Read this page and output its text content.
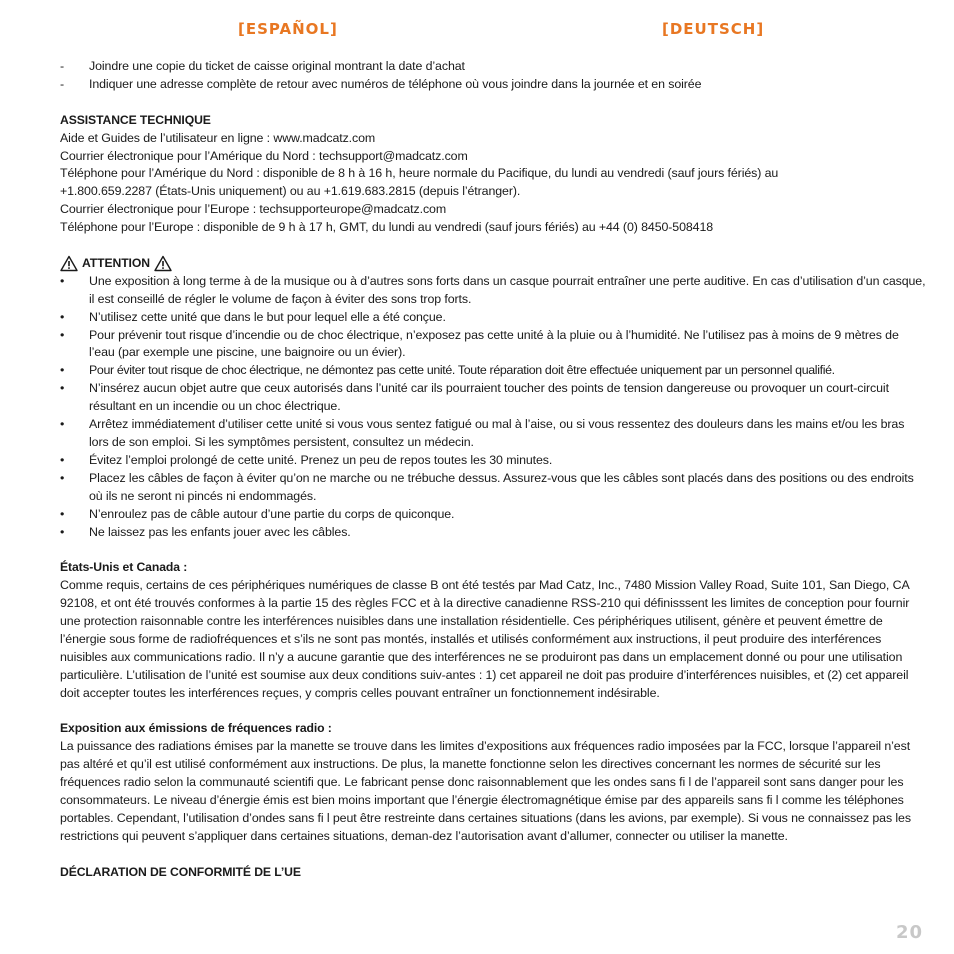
[ESPAÑOL]	[DEUTSCH]
- Joindre une copie du ticket de caisse original montrant la date d’achat
- Indiquer une adresse complète de retour avec numéros de téléphone où vous joindre dans la journée et en soirée
ASSISTANCE TECHNIQUE
Aide et Guides de l’utilisateur en ligne : www.madcatz.com
Courrier électronique pour l’Amérique du Nord : techsupport@madcatz.com
Téléphone pour l’Amérique du Nord : disponible de 8 h à 16 h, heure normale du Pacifique, du lundi au vendredi (sauf jours fériés) au
+1.800.659.2287 (États-Unis uniquement) ou au +1.619.683.2815 (depuis l’étranger).
Courrier électronique pour l’Europe : techsupporteurope@madcatz.com
Téléphone pour l’Europe : disponible de 9 h à 17 h, GMT, du lundi au vendredi (sauf jours fériés) au +44 (0) 8450-508418
ATTENTION
• Une exposition à long terme à de la musique ou à d’autres sons forts dans un casque pourrait entraîner une perte auditive. En cas d’utilisation d’un casque, il est conseillé de régler le volume de façon à éviter des sons trop forts.
• N’utilisez cette unité que dans le but pour lequel elle a été conçue.
• Pour prévenir tout risque d’incendie ou de choc électrique, n’exposez pas cette unité à la pluie ou à l’humidité. Ne l’utilisez pas à moins de 9 mètres de l’eau (par exemple une piscine, une baignoire ou un évier).
• Pour éviter tout risque de choc électrique, ne démontez pas cette unité. Toute réparation doit être effectuée uniquement par un personnel qualifié.
• N’insérez aucun objet autre que ceux autorisés dans l’unité car ils pourraient toucher des points de tension dangereuse ou provoquer un court-circuit résultant en un incendie ou un choc électrique.
• Arrêtez immédiatement d’utiliser cette unité si vous vous sentez fatigué ou mal à l’aise, ou si vous ressentez des douleurs dans les mains et/ou les bras lors de son emploi. Si les symptômes persistent, consultez un médecin.
• Évitez l’emploi prolongé de cette unité. Prenez un peu de repos toutes les 30 minutes.
• Placez les câbles de façon à éviter qu’on ne marche ou ne trébuche dessus. Assurez-vous que les câbles sont placés dans des positions ou des endroits où ils ne seront ni pincés ni endommagés.
• N’enroulez pas de câble autour d’une partie du corps de quiconque.
• Ne laissez pas les enfants jouer avec les câbles.
États-Unis et Canada :
Comme requis, certains de ces périphériques numériques de classe B ont été testés par Mad Catz, Inc., 7480 Mission Valley Road, Suite 101, San Diego, CA 92108, et ont été trouvés conformes à la partie 15 des règles FCC et à la directive canadienne RSS-210 qui définisssent les limites de conception pour fournir une protection raisonnable contre les interférences nuisibles dans une installation résidentielle. Ces périphériques utilisent, génère et peuvent émettre de l’énergie sous forme de radiofréquences et s’ils ne sont pas montés, installés et utilisés conformément aux instructions, il peut produire des interférences nuisibles aux communications radio. Il n’y a aucune garantie que des interférences ne se produiront pas dans un emplacement donné ou pour une utilisation particulière. L’utilisation de l’unité est soumise aux deux conditions suiv-antes : 1) cet appareil ne doit pas produire d’interférences nuisibles, et (2) cet appareil doit accepter toutes les interférences reçues, y compris celles pouvant entraîner un fonctionnement indésirable.
Exposition aux émissions de fréquences radio :
La puissance des radiations émises par la manette se trouve dans les limites d’expositions aux fréquences radio imposées par la FCC, lorsque l’appareil n’est pas altéré et qu’il est utilisé conformément aux instructions. De plus, la manette fonctionne selon les directives concernant les normes de sécurité sur les fréquences radio selon la communauté scientifi que. Le fabricant pense donc raisonnablement que les ondes sans fi l de l’appareil sont sans danger pour les consommateurs. Le niveau d’énergie émis est bien moins important que l’énergie électromagnétique émise par des appareils sans fi l comme les téléphones portables. Cependant, l’utilisation d’ondes sans fi l peut être restreinte dans certaines situations (dans les avions, par exemple). Si vous ne connaissez pas les restrictions qui peuvent s’appliquer dans certaines situations, deman-dez l’autorisation avant d’allumer, connecter ou utiliser la manette.
DÉCLARATION DE CONFORMITÉ DE L’UE
20
